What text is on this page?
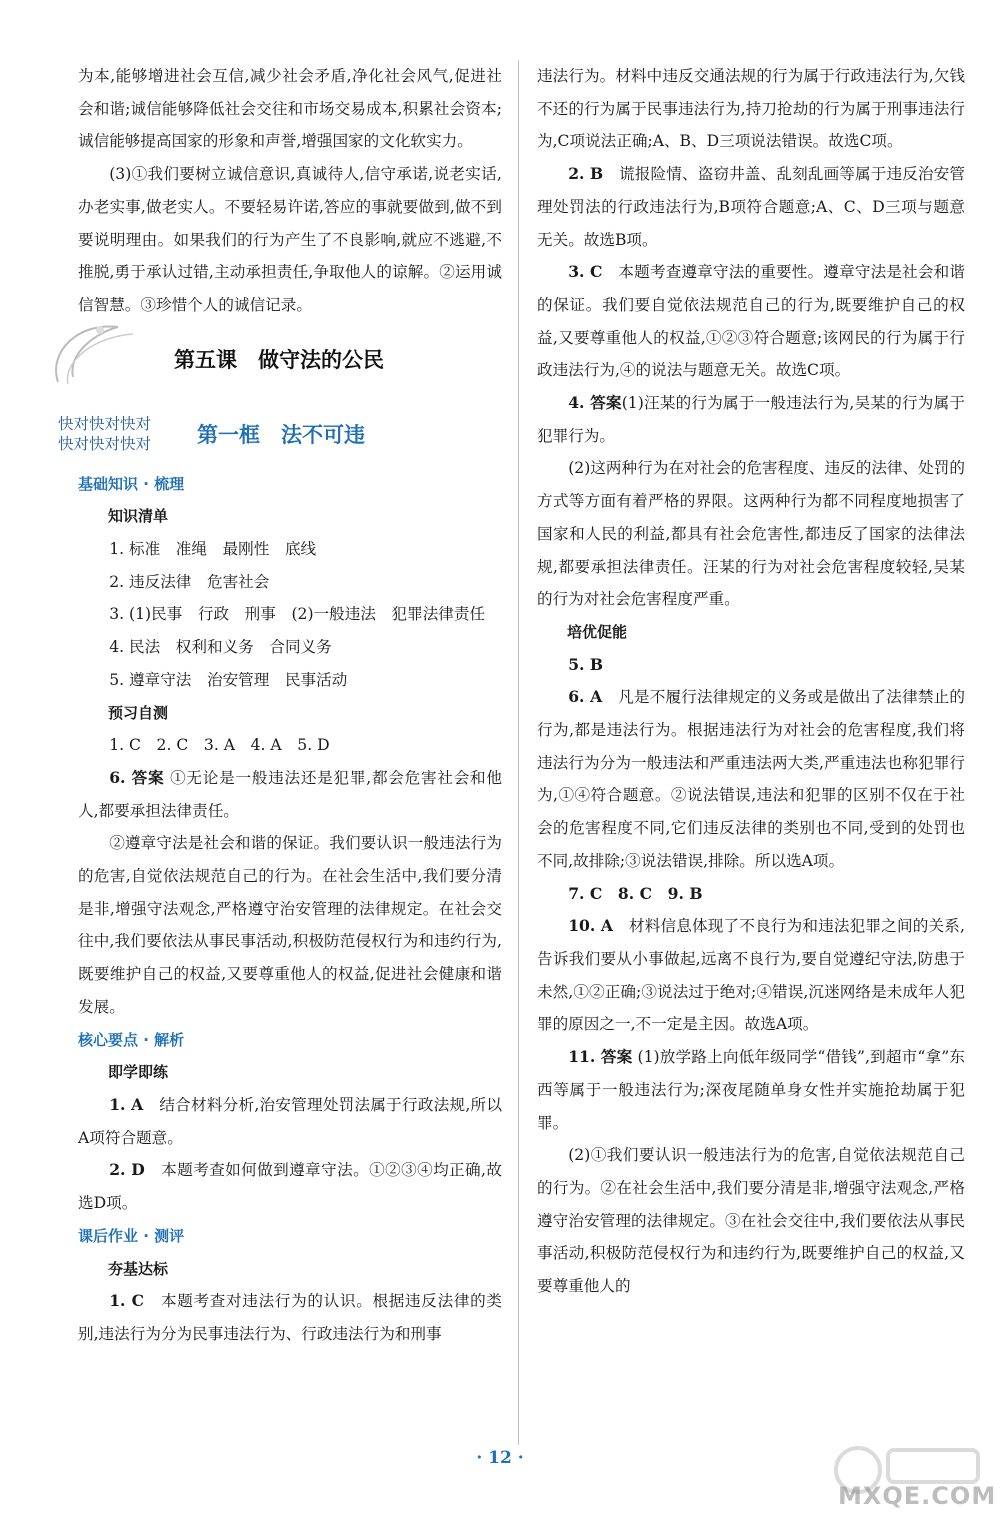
为本,能够增进社会互信,减少社会矛盾,净化社会风气,促进社会和谐;诚信能够降低社会交往和市场交易成本,积累社会资本;诚信能够提高国家的形象和声誉,增强国家的文化软实力。

(3)①我们要树立诚信意识,真诚待人,信守承诺,说老实话,办老实事,做老实人。不要轻易许诺,答应的事就要做到,做不到要说明理由。如果我们的行为产生了不良影响,就应不逃避,不推脱,勇于承认过错,主动承担责任,争取他人的谅解。②运用诚信智慧。③珍惜个人的诚信记录。

第五课　做守法的公民
快对快对快对
快对快对快对	第一框　法不可违

基础知识 · 梳理

知识清单

1. 标准　准绳　最刚性　底线

2. 违反法律　危害社会

3. (1)民事　行政　刑事　(2)一般违法　犯罪法律责任

4. 民法　权利和义务　合同义务

5. 遵章守法　治安管理　民事活动

预习自测

1. C　2. C　3. A　4. A　5. D

6. 答案 ①无论是一般违法还是犯罪,都会危害社会和他人,都要承担法律责任。

②遵章守法是社会和谐的保证。我们要认识一般违法行为的危害,自觉依法规范自己的行为。在社会生活中,我们要分清是非,增强守法观念,严格遵守治安管理的法律规定。在社会交往中,我们要依法从事民事活动,积极防范侵权行为和违约行为,既要维护自己的权益,又要尊重他人的权益,促进社会健康和谐发展。

核心要点 · 解析

即学即练

1. A　 结合材料分析,治安管理处罚法属于行政法规,所以A项符合题意。

2. D　 本题考查如何做到遵章守法。①②③④均正确,故选D项。

课后作业 · 测评

夯基达标

1. C　 本题考查对违法行为的认识。根据违反法律的类别,违法行为分为民事违法行为、行政违法行为和刑事

违法行为。材料中违反交通法规的行为属于行政违法行为,欠钱不还的行为属于民事违法行为,持刀抢劫的行为属于刑事违法行为,C项说法正确;A、B、D三项说法错误。故选C项。

2. B　 谎报险情、盗窃井盖、乱刻乱画等属于违反治安管理处罚法的行政违法行为,B项符合题意;A、C、D三项与题意无关。故选B项。

3. C　 本题考查遵章守法的重要性。遵章守法是社会和谐的保证。我们要自觉依法规范自己的行为,既要维护自己的权益,又要尊重他人的权益,①②③符合题意;该网民的行为属于行政违法行为,④的说法与题意无关。故选C项。

4. 答案(1)汪某的行为属于一般违法行为,吴某的行为属于犯罪行为。

(2)这两种行为在对社会的危害程度、违反的法律、处罚的方式等方面有着严格的界限。这两种行为都不同程度地损害了国家和人民的利益,都具有社会危害性,都违反了国家的法律法规,都要承担法律责任。汪某的行为对社会危害程度较轻,吴某的行为对社会危害程度严重。

培优促能

5. B

6. A　 凡是不履行法律规定的义务或是做出了法律禁止的行为,都是违法行为。根据违法行为对社会的危害程度,我们将违法行为分为一般违法和严重违法两大类,严重违法也称犯罪行为,①④符合题意。②说法错误,违法和犯罪的区别不仅在于社会的危害程度不同,它们违反法律的类别也不同,受到的处罚也不同,故排除;③说法错误,排除。所以选A项。

7. C　8. C　9. B

10. A　 材料信息体现了不良行为和违法犯罪之间的关系,告诉我们要从小事做起,远离不良行为,要自觉遵纪守法,防患于未然,①②正确;③说法过于绝对;④错误,沉迷网络是未成年人犯罪的原因之一,不一定是主因。故选A项。

11. 答案 (1)放学路上向低年级同学“借钱”,到超市“拿”东西等属于一般违法行为;深夜尾随单身女性并实施抢劫属于犯罪。

(2)①我们要认识一般违法行为的危害,自觉依法规范自己的行为。②在社会生活中,我们要分清是非,增强守法观念,严格遵守治安管理的法律规定。③在社会交往中,我们要依法从事民事活动,积极防范侵权行为和违约行为,既要维护自己的权益,又要尊重他人的

· 12 ·
MXQE.COM
